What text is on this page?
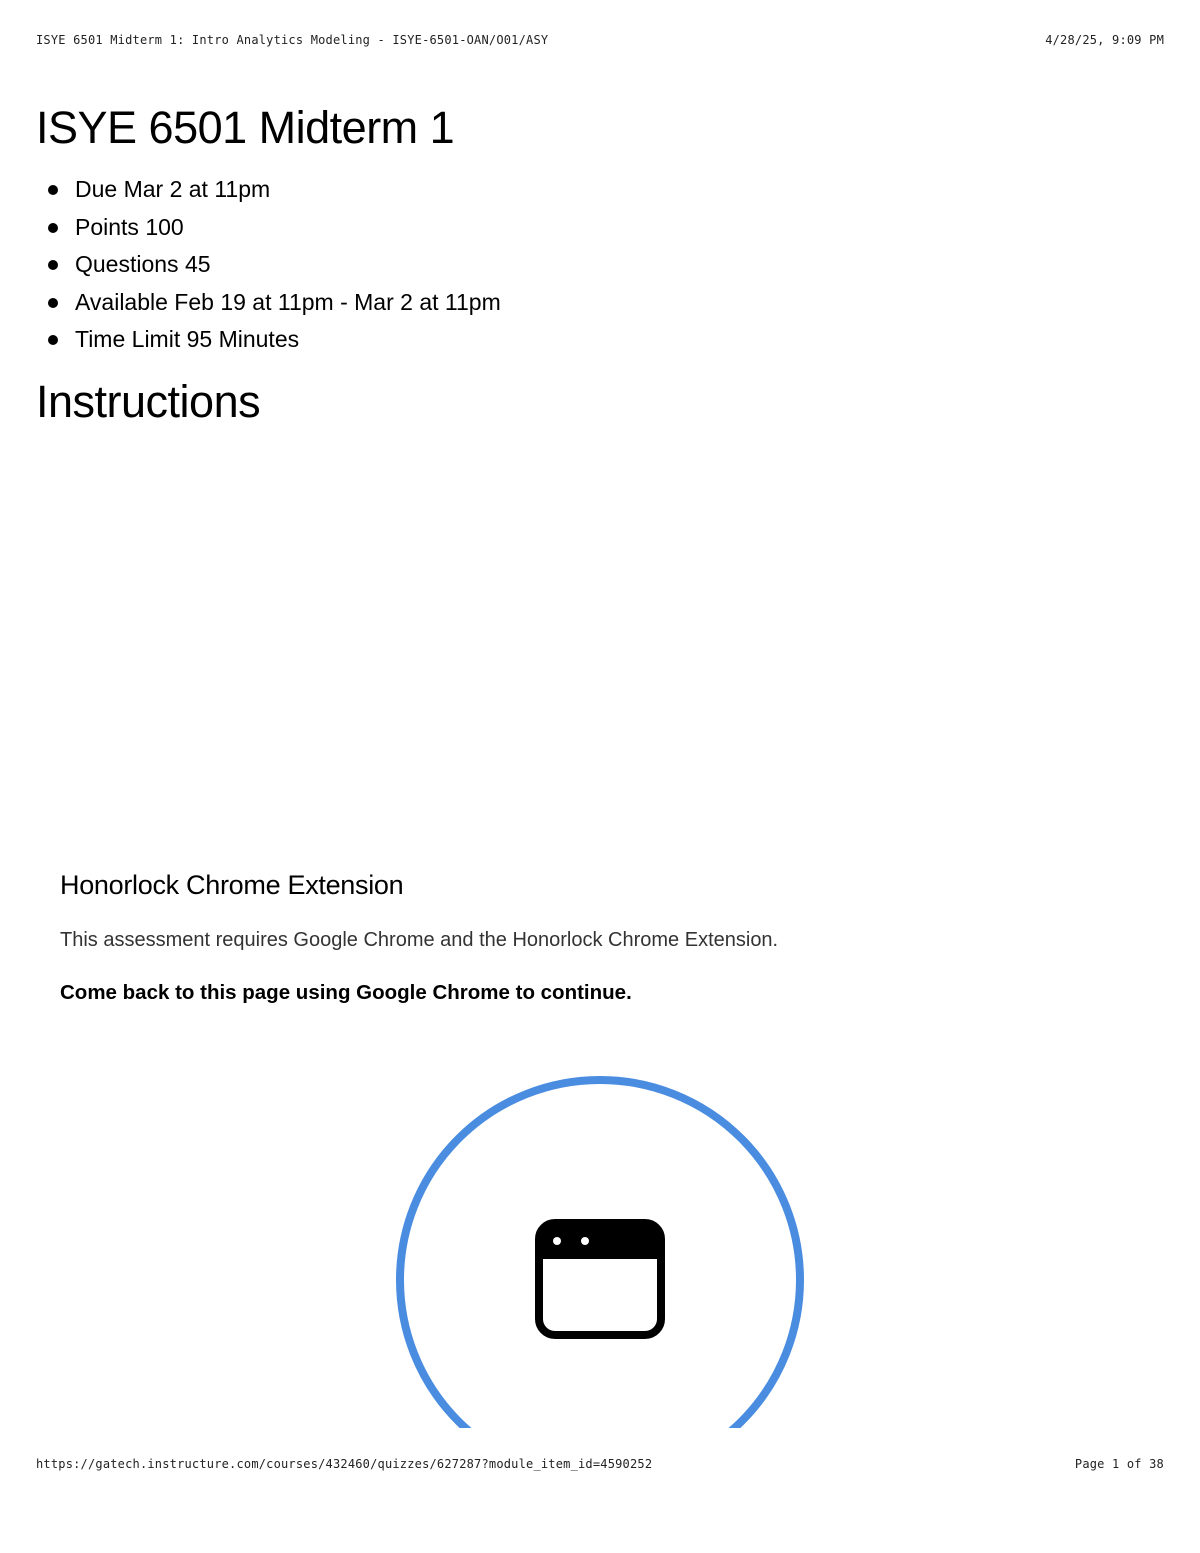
ISYE 6501 Midterm 1: Intro Analytics Modeling - ISYE-6501-OAN/O01/ASY	4/28/25, 9:09 PM
ISYE 6501 Midterm 1
Due Mar 2 at 11pm
Points 100
Questions 45
Available Feb 19 at 11pm - Mar 2 at 11pm
Time Limit 95 Minutes
Instructions
Honorlock Chrome Extension

This assessment requires Google Chrome and the Honorlock Chrome Extension.

Come back to this page using Google Chrome to continue.

https://gatech.instructure.com/courses/432460/quizzes/627287?module_item_id=4590252	Page 1 of 38
